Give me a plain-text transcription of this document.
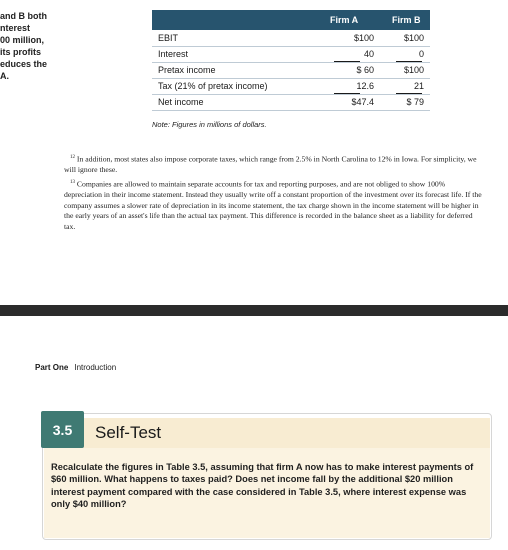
and B both
nterest
00 million,
its profits
educes the
A.
Firm A	Firm B
EBIT	$100	$100
Interest	40	0
Pretax income	$ 60	$100
Tax (21% of pretax income)	12.6	21
Net income	$47.4	$ 79
Note: Figures in millions of dollars.

$^{12}$ In addition, most states also impose corporate taxes, which range from 2.5% in North Carolina to 12% in Iowa. For simplicity, we will ignore these.

$^{13}$ Companies are allowed to maintain separate accounts for tax and reporting purposes, and are not obliged to show 100% depreciation in their income statement. Instead they usually write off a constant proportion of the investment over its forecast life. If the company assumes a slower rate of depreciation in its income statement, the tax charge shown in the income statement will be higher in the early years of an asset's life than the actual tax payment. This difference is recorded in the balance sheet as a liability for deferred tax.

Part One Introduction
3.5	Self-Test
Recalculate the figures in Table 3.5, assuming that firm A now has to make interest payments of $60 million. What happens to taxes paid? Does net income fall by the additional $20 million interest payment compared with the case considered in Table 3.5, where interest expense was only $40 million?
